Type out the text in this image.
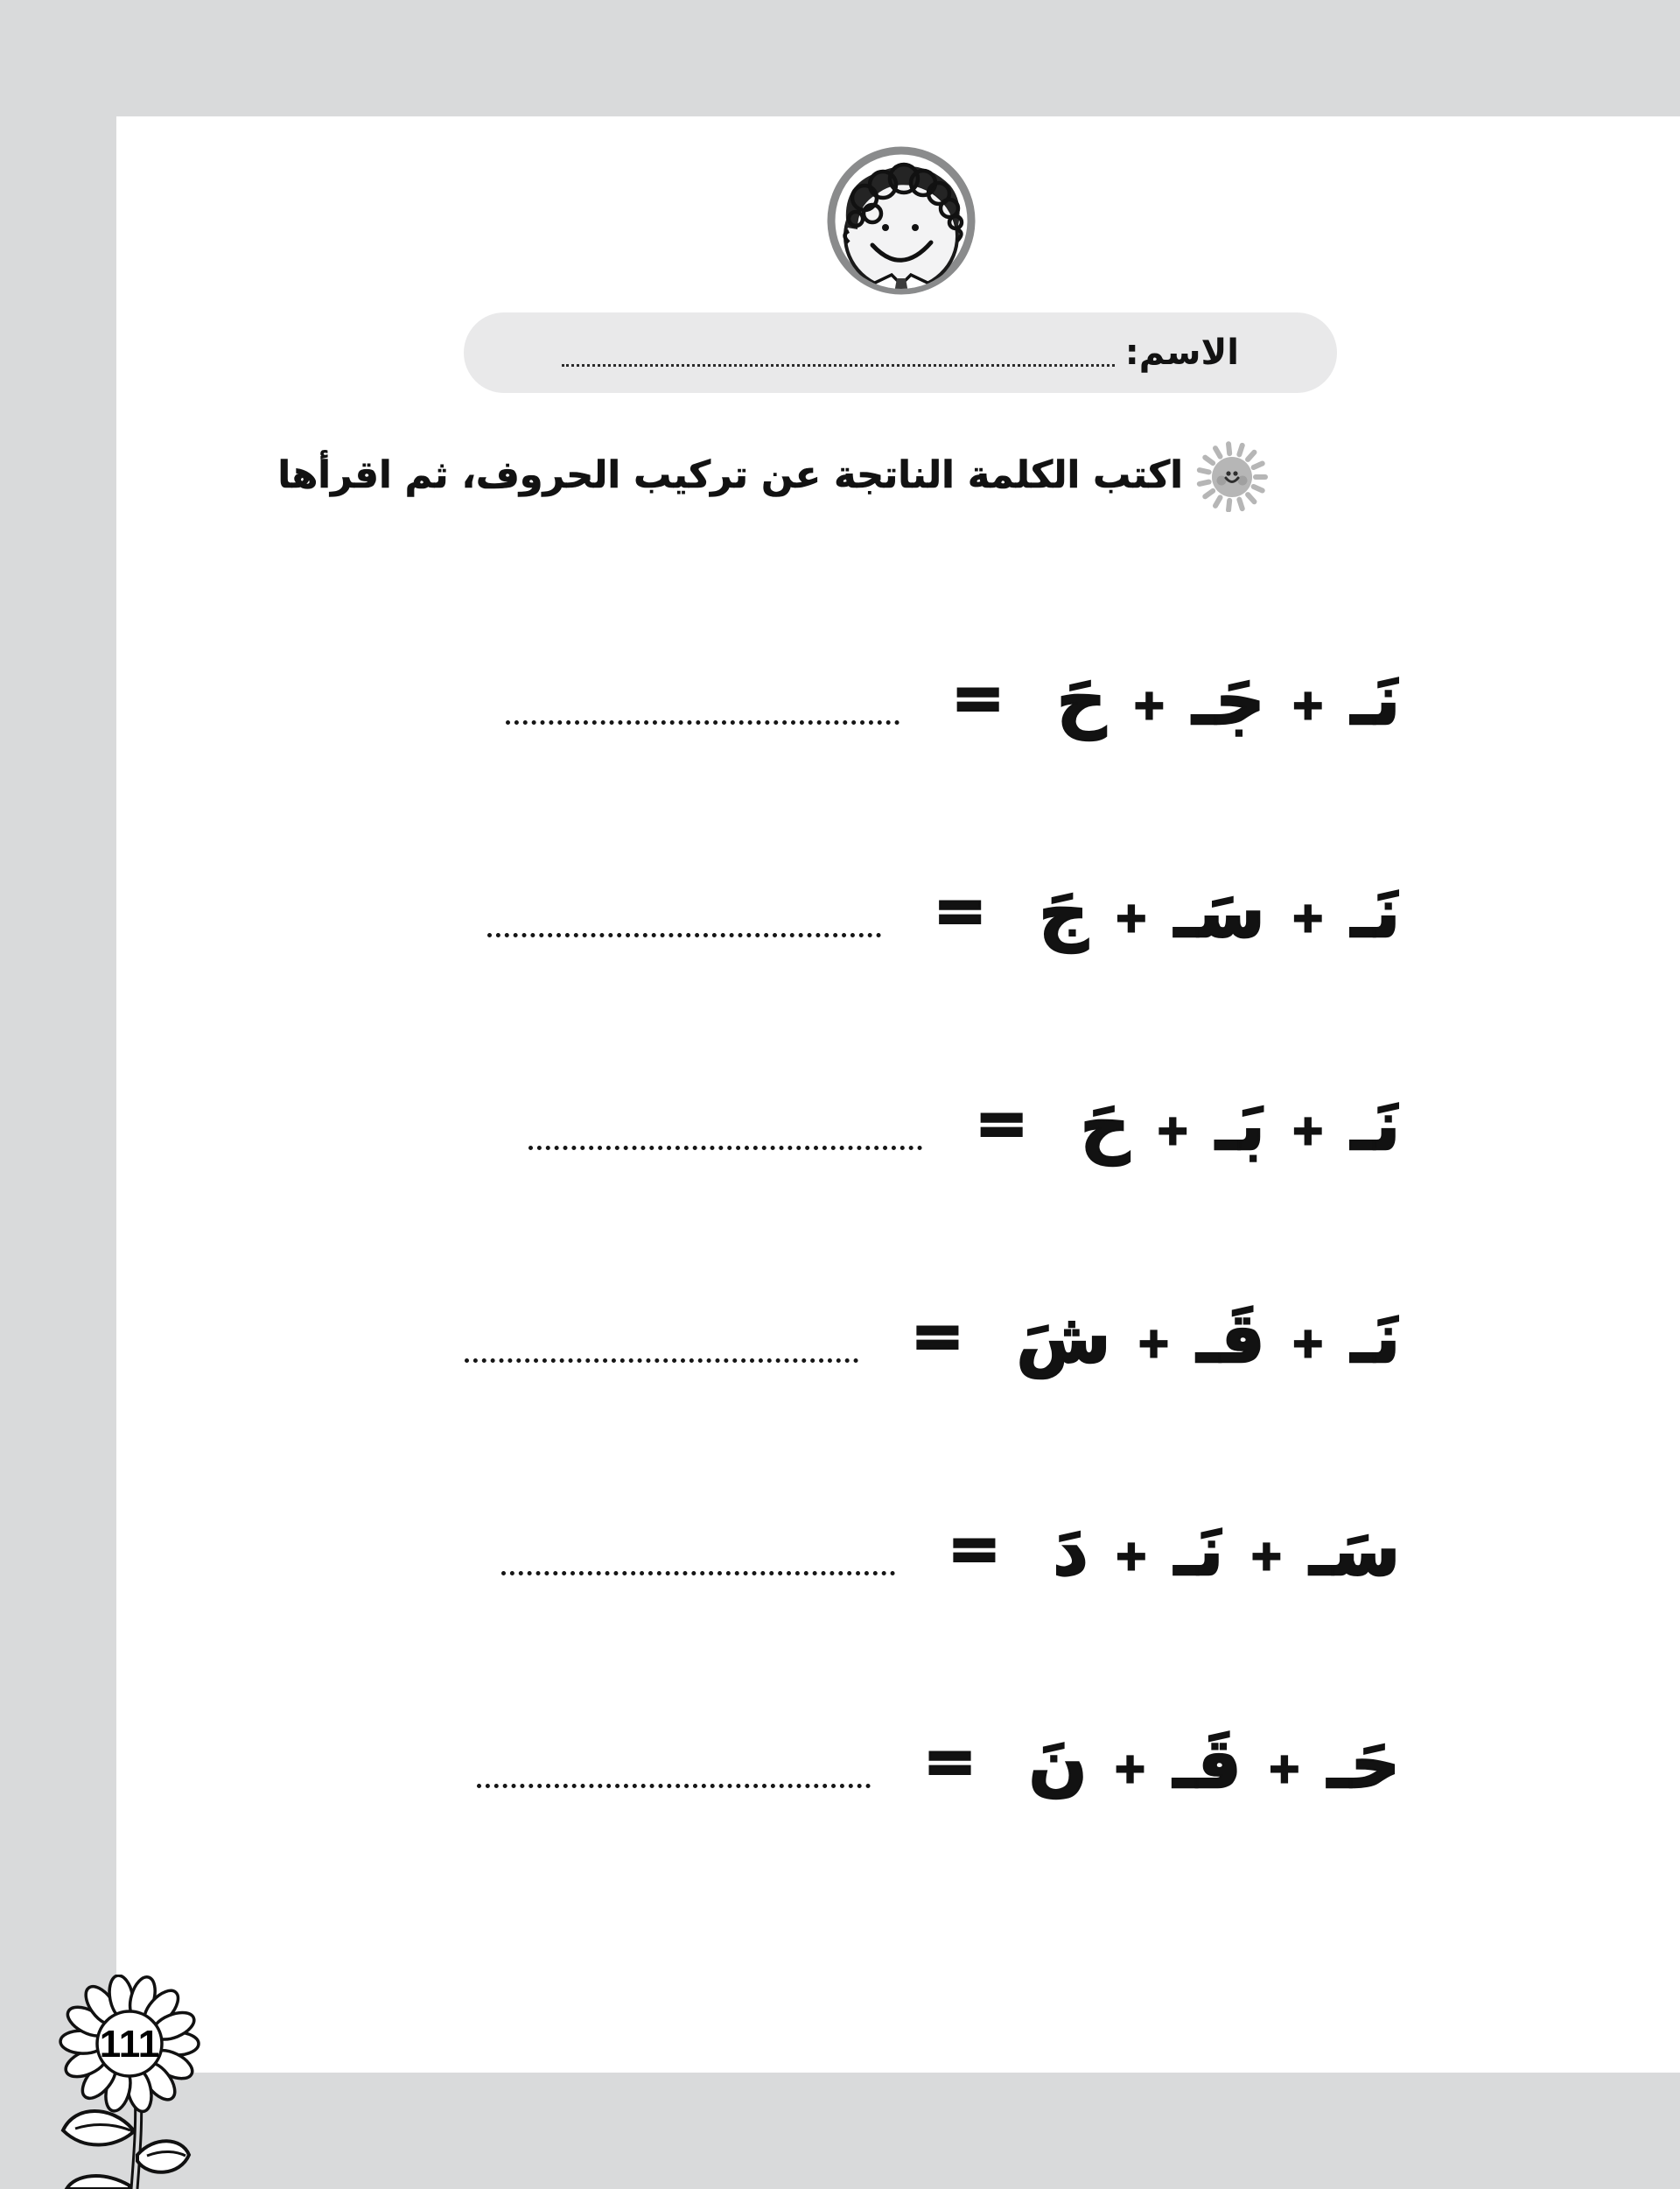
الاسم:
اكتب الكلمة الناتجة عن تركيب الحروف، ثم اقرأها
نَـ
+
جَـ
+
حَ
=
نَـ
+
سَـ
+
جَ
=
نَـ
+
بَـ
+
حَ
=
نَـ
+
قَـ
+
شَ
=
سَـ
+
نَـ
+
دَ
=
حَـ
+
قَـ
+
نَ
=
111
